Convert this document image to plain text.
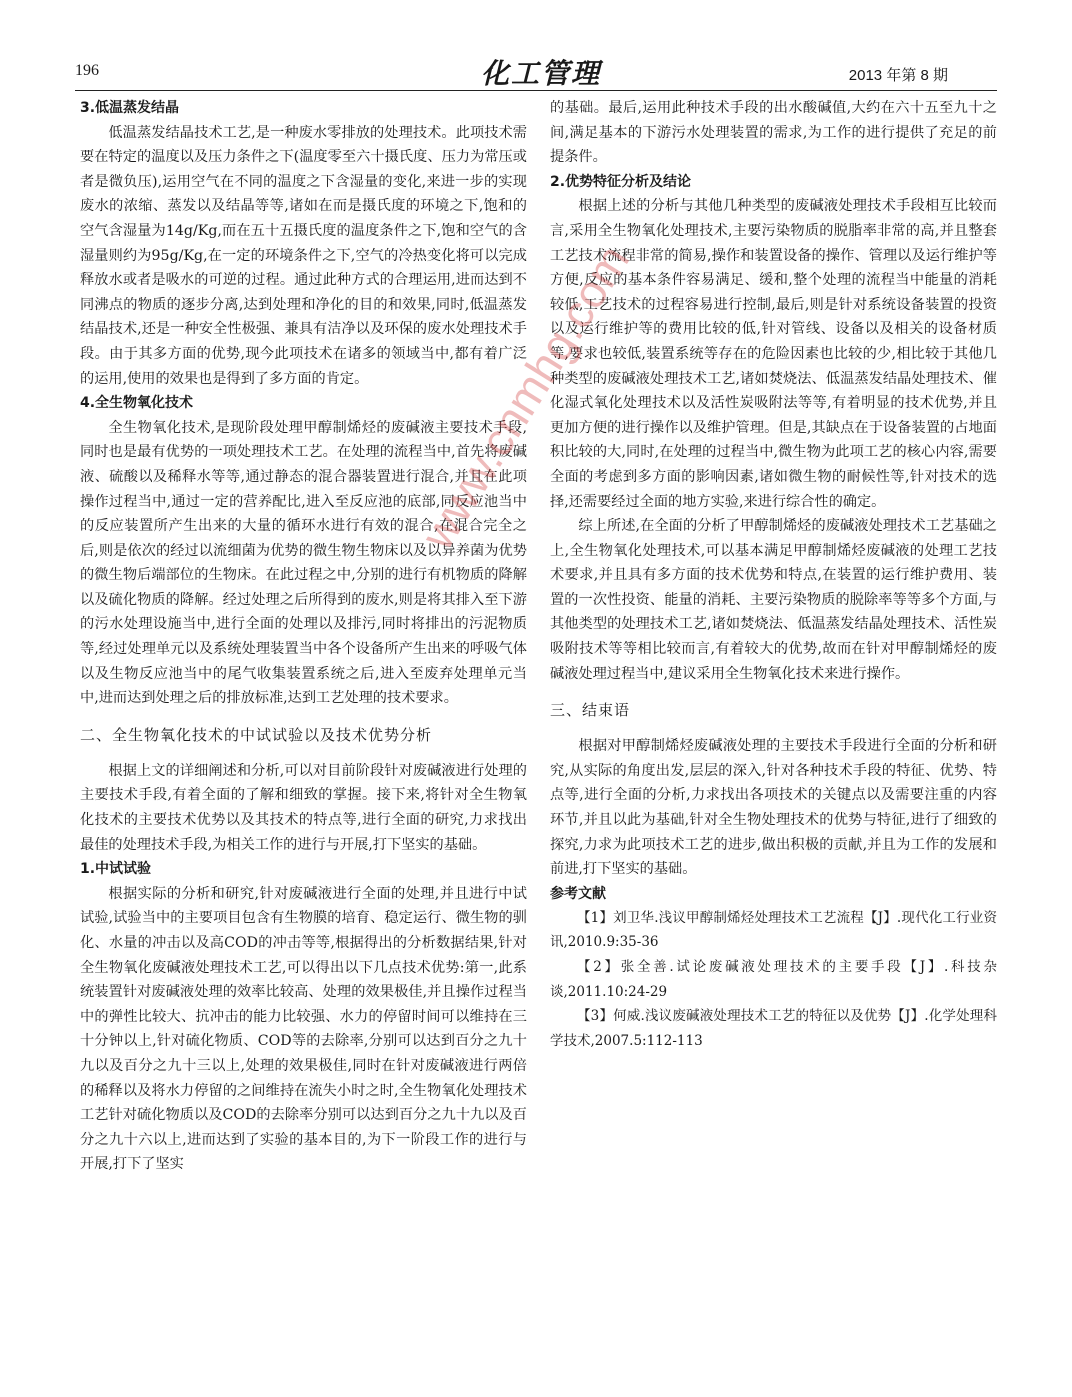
196	化工管理	2013 年第 8 期
3.低温蒸发结晶

低温蒸发结晶技术工艺,是一种废水零排放的处理技术。此项技术需要在特定的温度以及压力条件之下(温度零至六十摄氏度、压力为常压或者是微负压),运用空气在不同的温度之下含湿量的变化,来进一步的实现废水的浓缩、蒸发以及结晶等等,诸如在而是摄氏度的环境之下,饱和的空气含湿量为14g/Kg,而在五十五摄氏度的温度条件之下,饱和空气的含湿量则约为95g/Kg,在一定的环境条件之下,空气的冷热变化将可以完成释放水或者是吸水的可逆的过程。通过此种方式的合理运用,进而达到不同沸点的物质的逐步分离,达到处理和净化的目的和效果,同时,低温蒸发结晶技术,还是一种安全性极强、兼具有洁净以及环保的废水处理技术手段。由于其多方面的优势,现今此项技术在诸多的领域当中,都有着广泛的运用,使用的效果也是得到了多方面的肯定。

4.全生物氧化技术

全生物氧化技术,是现阶段处理甲醇制烯烃的废碱液主要技术手段,同时也是最有优势的一项处理技术工艺。在处理的流程当中,首先将废碱液、硫酸以及稀释水等等,通过静态的混合器装置进行混合,并且在此项操作过程当中,通过一定的营养配比,进入至反应池的底部,同反应池当中的反应装置所产生出来的大量的循环水进行有效的混合,在混合完全之后,则是依次的经过以流细菌为优势的微生物生物床以及以异养菌为优势的微生物后端部位的生物床。在此过程之中,分别的进行有机物质的降解以及硫化物质的降解。经过处理之后所得到的废水,则是将其排入至下游的污水处理设施当中,进行全面的处理以及排污,同时将排出的污泥物质等,经过处理单元以及系统处理装置当中各个设备所产生出来的呼吸气体以及生物反应池当中的尾气收集装置系统之后,进入至废弃处理单元当中,进而达到处理之后的排放标准,达到工艺处理的技术要求。

二、全生物氧化技术的中试试验以及技术优势分析

根据上文的详细阐述和分析,可以对目前阶段针对废碱液进行处理的主要技术手段,有着全面的了解和细致的掌握。接下来,将针对全生物氧化技术的主要技术优势以及其技术的特点等,进行全面的研究,力求找出最佳的处理技术手段,为相关工作的进行与开展,打下坚实的基础。

1.中试试验

根据实际的分析和研究,针对废碱液进行全面的处理,并且进行中试试验,试验当中的主要项目包含有生物膜的培育、稳定运行、微生物的驯化、水量的冲击以及高COD的冲击等等,根据得出的分析数据结果,针对全生物氧化废碱液处理技术工艺,可以得出以下几点技术优势:第一,此系统装置针对废碱液处理的效率比较高、处理的效果极佳,并且操作过程当中的弹性比较大、抗冲击的能力比较强、水力的停留时间可以维持在三十分钟以上,针对硫化物质、COD等的去除率,分别可以达到百分之九十九以及百分之九十三以上,处理的效果极佳,同时在针对废碱液进行两倍的稀释以及将水力停留的之间维持在流失小时之时,全生物氧化处理技术工艺针对硫化物质以及COD的去除率分别可以达到百分之九十九以及百分之九十六以上,进而达到了实验的基本目的,为下一阶段工作的进行与开展,打下了坚实

的基础。最后,运用此种技术手段的出水酸碱值,大约在六十五至九十之间,满足基本的下游污水处理装置的需求,为工作的进行提供了充足的前提条件。

2.优势特征分析及结论

根据上述的分析与其他几种类型的废碱液处理技术手段相互比较而言,采用全生物氧化处理技术,主要污染物质的脱脂率非常的高,并且整套工艺技术流程非常的简易,操作和装置设备的操作、管理以及运行维护等方便,反应的基本条件容易满足、缓和,整个处理的流程当中能量的消耗较低,工艺技术的过程容易进行控制,最后,则是针对系统设备装置的投资以及运行维护等的费用比较的低,针对管线、设备以及相关的设备材质等,要求也较低,装置系统等存在的危险因素也比较的少,相比较于其他几种类型的废碱液处理技术工艺,诸如焚烧法、低温蒸发结晶处理技术、催化湿式氧化处理技术以及活性炭吸附法等等,有着明显的技术优势,并且更加方便的进行操作以及维护管理。但是,其缺点在于设备装置的占地面积比较的大,同时,在处理的过程当中,微生物为此项工艺的核心内容,需要全面的考虑到多方面的影响因素,诸如微生物的耐候性等,针对技术的选择,还需要经过全面的地方实验,来进行综合性的确定。

综上所述,在全面的分析了甲醇制烯烃的废碱液处理技术工艺基础之上,全生物氧化处理技术,可以基本满足甲醇制烯烃废碱液的处理工艺技术要求,并且具有多方面的技术优势和特点,在装置的运行维护费用、装置的一次性投资、能量的消耗、主要污染物质的脱除率等等多个方面,与其他类型的处理技术工艺,诸如焚烧法、低温蒸发结晶处理技术、活性炭吸附技术等等相比较而言,有着较大的优势,故而在针对甲醇制烯烃的废碱液处理过程当中,建议采用全生物氧化技术来进行操作。

三、结束语

根据对甲醇制烯烃废碱液处理的主要技术手段进行全面的分析和研究,从实际的角度出发,层层的深入,针对各种技术手段的特征、优势、特点等,进行全面的分析,力求找出各项技术的关键点以及需要注重的内容环节,并且以此为基础,针对全生物处理技术的优势与特征,进行了细致的探究,力求为此项技术工艺的进步,做出积极的贡献,并且为工作的发展和前进,打下坚实的基础。

参考文献

【1】刘卫华.浅议甲醇制烯烃处理技术工艺流程【J】.现代化工行业资讯,2010.9:35-36

【2】张全善.试论废碱液处理技术的主要手段【J】.科技杂谈,2011.10:24-29

【3】何威.浅议废碱液处理技术工艺的特征以及优势【J】.化学处理科学技术,2007.5:112-113

www.cnmhg.com
